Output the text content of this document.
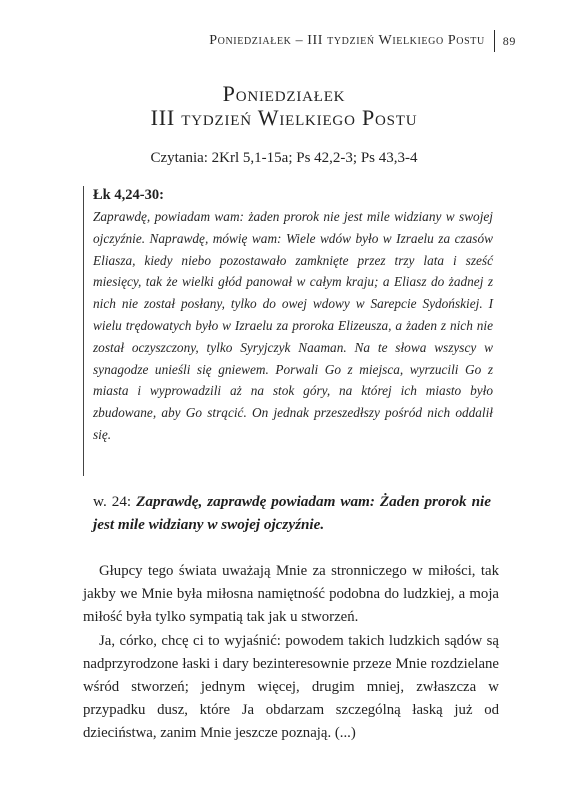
Poniedziałek – III tydzień Wielkiego Postu 89
Poniedziałek
III tydzień Wielkiego Postu
Czytania: 2Krl 5,1-15a; Ps 42,2-3; Ps 43,3-4
Łk 4,24-30:

Zaprawdę, powiadam wam: żaden prorok nie jest mile widziany w swojej ojczyźnie. Naprawdę, mówię wam: Wiele wdów było w Izraelu za czasów Eliasza, kiedy niebo pozostawało zamknięte przez trzy lata i sześć miesięcy, tak że wielki głód panował w całym kraju; a Eliasz do żadnej z nich nie został posłany, tylko do owej wdowy w Sarepcie Sydońskiej. I wielu trędowatych było w Izraelu za proroka Elizeusza, a żaden z nich nie został oczyszczony, tylko Syryjczyk Naaman. Na te słowa wszyscy w synagodze unieśli się gniewem. Porwali Go z miejsca, wyrzucili Go z miasta i wyprowadzili aż na stok góry, na której ich miasto było zbudowane, aby Go strącić. On jednak przeszedłszy pośród nich oddalił się.

w. 24: Zaprawdę, zaprawdę powiadam wam: Żaden prorok nie jest mile widziany w swojej ojczyźnie.

Głupcy tego świata uważają Mnie za stronniczego w miłości, tak jakby we Mnie była miłosna namiętność podobna do ludzkiej, a moja miłość była tylko sympatią tak jak u stworzeń.

Ja, córko, chcę ci to wyjaśnić: powodem takich ludzkich sądów są nadprzyrodzone łaski i dary bezinteresownie przeze Mnie rozdzielane wśród stworzeń; jednym więcej, drugim mniej, zwłaszcza w przypadku dusz, które Ja obdarzam szczególną łaską już od dzieciństwa, zanim Mnie jeszcze poznają. (...)
